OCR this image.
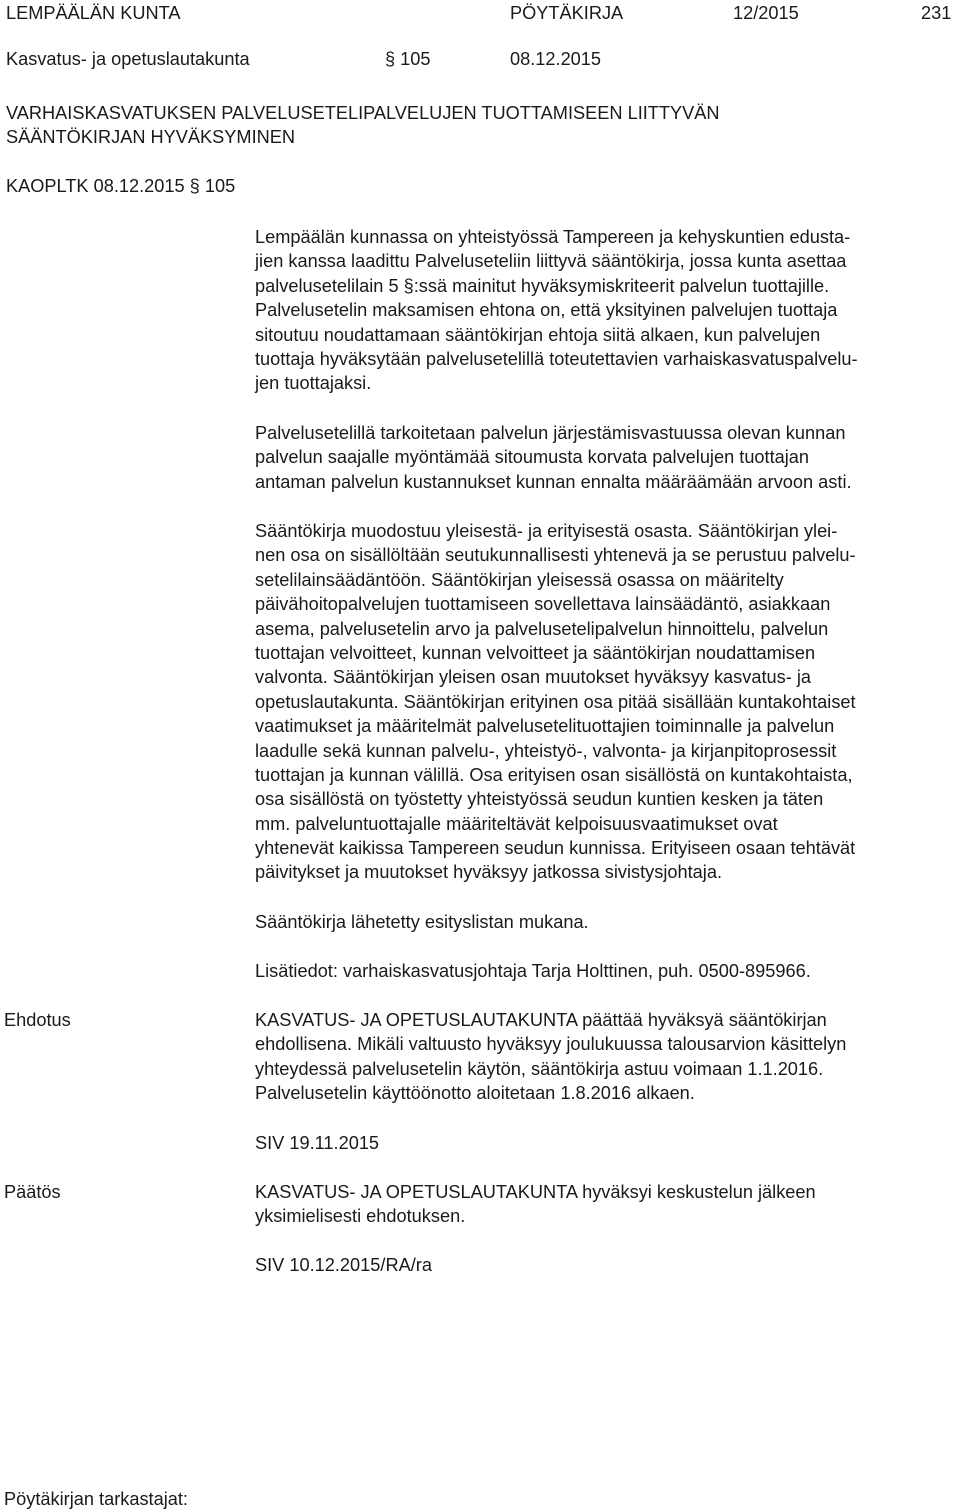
LEMPÄÄLÄN KUNTA	PÖYTÄKIRJA	12/2015	231
Kasvatus- ja opetuslautakunta	§ 105	08.12.2015
VARHAISKASVATUKSEN PALVELUSETELIPALVELUJEN TUOTTAMISEEN LIITTYVÄN
SÄÄNTÖKIRJAN HYVÄKSYMINEN
KAOPLTK 08.12.2015 § 105
Lempäälän kunnassa on yhteistyössä Tampereen ja kehyskuntien edusta-
jien kanssa laadittu Palveluseteliin liittyvä sääntökirja, jossa kunta asettaa
palvelusetelilain 5 §:ssä mainitut hyväksymiskriteerit palvelun tuottajille.
Palvelusetelin maksamisen ehtona on, että yksityinen palvelujen tuottaja
sitoutuu noudattamaan sääntökirjan ehtoja siitä alkaen, kun palvelujen
tuottaja hyväksytään palvelusetelillä toteutettavien varhaiskasvatuspalvelu-
jen tuottajaksi.
Palvelusetelillä tarkoitetaan palvelun järjestämisvastuussa olevan kunnan
palvelun saajalle myöntämää sitoumusta korvata palvelujen tuottajan
antaman palvelun kustannukset kunnan ennalta määräämään arvoon asti.
Sääntökirja muodostuu yleisestä- ja erityisestä osasta. Sääntökirjan ylei-
nen osa on sisällöltään seutukunnallisesti yhtenevä ja se perustuu palvelu-
setelilainsäädäntöön. Sääntökirjan yleisessä osassa on määritelty
päivähoitopalvelujen tuottamiseen sovellettava lainsäädäntö, asiakkaan
asema, palvelusetelin arvo ja palvelusetelipalvelun hinnoittelu, palvelun
tuottajan velvoitteet, kunnan velvoitteet ja sääntökirjan noudattamisen
valvonta. Sääntökirjan yleisen osan muutokset hyväksyy kasvatus- ja
opetuslautakunta. Sääntökirjan erityinen osa pitää sisällään kuntakohtaiset
vaatimukset ja määritelmät palvelusetelituottajien toiminnalle ja palvelun
laadulle sekä kunnan palvelu-, yhteistyö-, valvonta- ja kirjanpitoprosessit
tuottajan ja kunnan välillä. Osa erityisen osan sisällöstä on kuntakohtaista,
osa sisällöstä on työstetty yhteistyössä seudun kuntien kesken ja täten
mm. palveluntuottajalle määriteltävät kelpoisuusvaatimukset ovat
yhtenevät kaikissa Tampereen seudun kunnissa. Erityiseen osaan tehtävät
päivitykset ja muutokset hyväksyy jatkossa sivistysjohtaja.
Sääntökirja lähetetty esityslistan mukana.
Lisätiedot: varhaiskasvatusjohtaja Tarja Holttinen, puh. 0500-895966.
Ehdotus	KASVATUS- JA OPETUSLAUTAKUNTA päättää hyväksyä sääntökirjan
ehdollisena. Mikäli valtuusto hyväksyy joulukuussa talousarvion käsittelyn
yhteydessä palvelusetelin käytön, sääntökirja astuu voimaan 1.1.2016.
Palvelusetelin käyttöönotto aloitetaan 1.8.2016 alkaen.
SIV 19.11.2015
Päätös	KASVATUS- JA OPETUSLAUTAKUNTA hyväksyi keskustelun jälkeen
yksimielisesti ehdotuksen.
SIV 10.12.2015/RA/ra
Pöytäkirjan tarkastajat:
